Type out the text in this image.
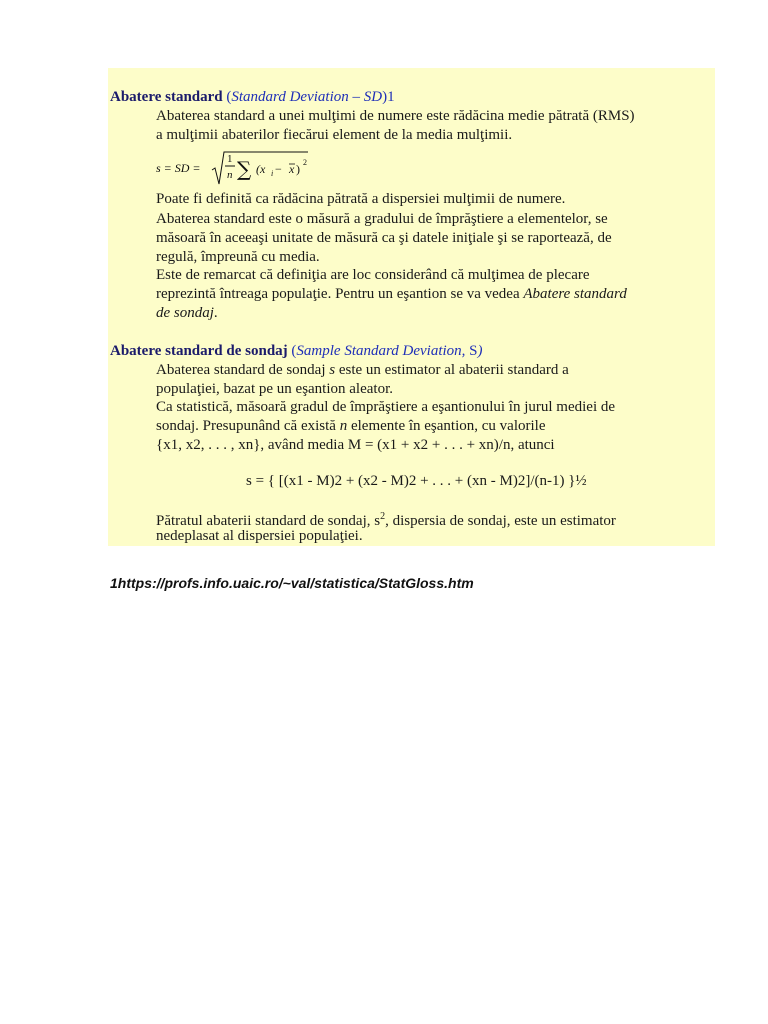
Abatere standard (Standard Deviation – SD)1
Abaterea standard a unei mulţimi de numere este rădăcina medie pătrată (RMS)
a mulţimii abaterilor fiecărui element de la media mulţimii.
s = SD =
1
n ∑ (x i − x ) 2
Poate fi definită ca rădăcina pătrată a dispersiei mulţimii de numere.
Abaterea standard este o măsură a gradului de împrăştiere a elementelor, se
măsoară în aceeaşi unitate de măsură ca şi datele iniţiale şi se raportează, de
regulă, împreună cu media.
Este de remarcat că definiţia are loc considerând că mulţimea de plecare
reprezintă întreaga populaţie. Pentru un eşantion se va vedea Abatere standard
de sondaj.
Abatere standard de sondaj (Sample Standard Deviation, S)
Abaterea standard de sondaj s este un estimator al abaterii standard a
populaţiei, bazat pe un eşantion aleator.
Ca statistică, măsoară gradul de împrăştiere a eşantionului în jurul mediei de
sondaj. Presupunând că există n elemente în eşantion, cu valorile
{x1, x2, . . . , xn}, având media M = (x1 + x2 + . . . + xn)/n, atunci
s = { [(x1 - M)2 + (x2 - M)2 + . . . + (xn - M)2]/(n-1) }½
Pătratul abaterii standard de sondaj, $s^2$, dispersia de sondaj, este un estimator
nedeplasat al dispersiei populaţiei.
1https://profs.info.uaic.ro/~val/statistica/StatGloss.htm
